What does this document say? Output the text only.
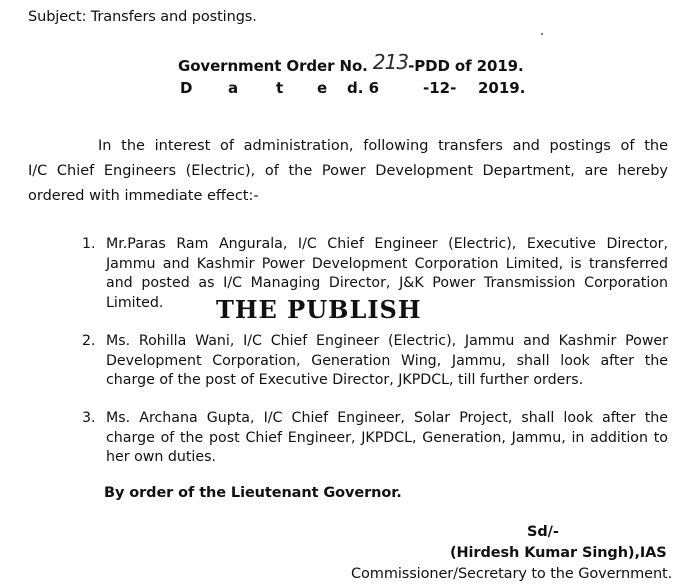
Subject: Transfers and postings.
Government Order No. 213-PDD of 2019.
D a	t e d. 6	-12- 2019.
In the interest of administration, following transfers and postings of the
I/C Chief Engineers (Electric), of the Power Development Department, are hereby
ordered with immediate effect:-
1. Mr.Paras Ram Angurala, I/C Chief Engineer (Electric), Executive Director,
Jammu and Kashmir Power Development Corporation Limited, is transferred
and posted as I/C Managing Director, J&K Power Transmission Corporation
Limited.	THE PUBLISH
2. Ms. Rohilla Wani, I/C Chief Engineer (Electric), Jammu and Kashmir Power
Development Corporation, Generation Wing, Jammu, shall look after the
charge of the post of Executive Director, JKPDCL, till further orders.
3. Ms. Archana Gupta, I/C Chief Engineer, Solar Project, shall look after the
charge of the post Chief Engineer, JKPDCL, Generation, Jammu, in addition to
her own duties.
By order of the Lieutenant Governor.
Sd/-
(Hirdesh Kumar Singh),IAS
Commissioner/Secretary to the Government.
